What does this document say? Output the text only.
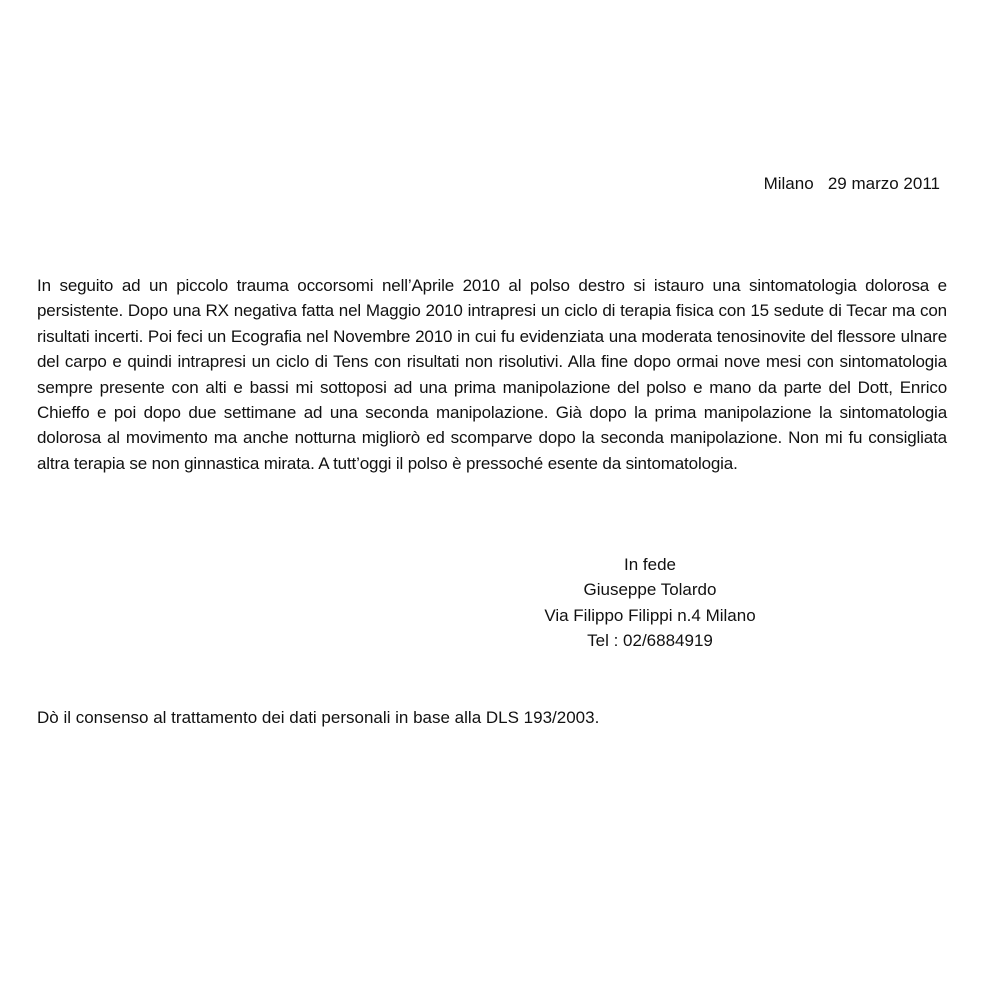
Milano   29 marzo 2011
In seguito ad un piccolo trauma occorsomi nell’Aprile 2010 al polso destro si istauro una sintomatologia dolorosa e persistente. Dopo una RX negativa fatta nel Maggio 2010 intrapresi un ciclo di terapia fisica con 15 sedute di Tecar ma con risultati incerti. Poi feci un Ecografia nel Novembre 2010 in cui fu evidenziata una moderata tenosinovite del flessore ulnare del carpo e quindi intrapresi un ciclo di Tens con risultati non risolutivi. Alla fine dopo ormai nove mesi con sintomatologia sempre presente con alti e bassi mi sottoposi ad una prima manipolazione del polso e mano da parte del Dott, Enrico Chieffo e poi dopo due settimane ad una seconda manipolazione. Già dopo la prima manipolazione la sintomatologia dolorosa al movimento ma anche notturna migliorò ed scomparve dopo la seconda manipolazione. Non mi fu consigliata altra terapia se non ginnastica mirata. A tutt’oggi il polso è pressoché esente da sintomatologia.
In fede
Giuseppe Tolardo
Via Filippo Filippi n.4 Milano
Tel : 02/6884919
Dò il consenso al trattamento dei dati personali in base alla DLS 193/2003.
